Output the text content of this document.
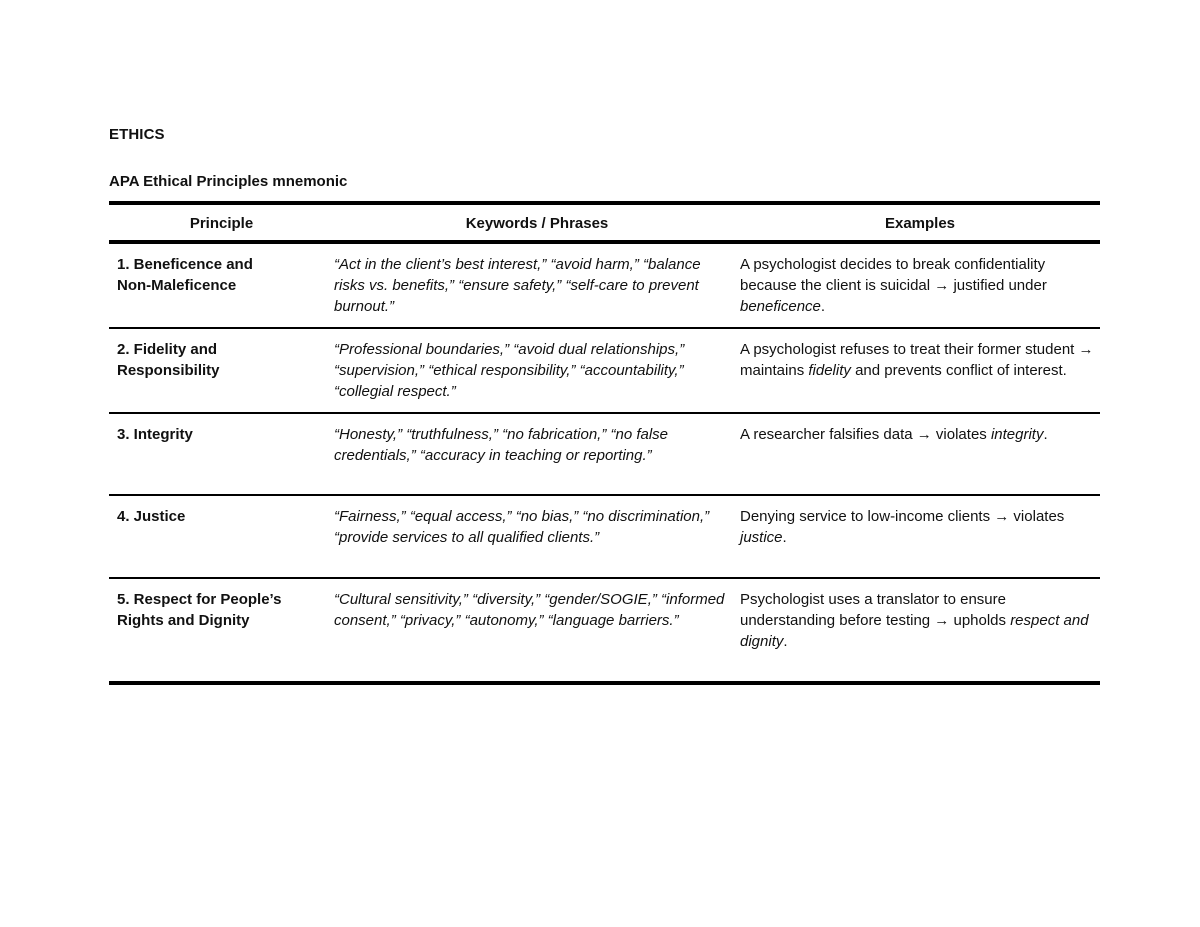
ETHICS
APA Ethical Principles mnemonic
Principle	Keywords / Phrases	Examples
1. Beneficence and
Non-Maleficence	“Act in the client’s best interest,” “avoid harm,” “balance risks vs. benefits,” “ensure safety,” “self-care to prevent burnout.”	A psychologist decides to break confidentiality because the client is suicidal → justified under beneficence.
2. Fidelity and
Responsibility	“Professional boundaries,” “avoid dual relationships,” “supervision,” “ethical responsibility,” “accountability,” “collegial respect.”	A psychologist refuses to treat their former student → maintains fidelity and prevents conflict of interest.
3. Integrity	“Honesty,” “truthfulness,” “no fabrication,” “no false credentials,” “accuracy in teaching or reporting.”	A researcher falsifies data → violates integrity.
4. Justice	“Fairness,” “equal access,” “no bias,” “no discrimination,” “provide services to all qualified clients.”	Denying service to low-income clients → violates justice.
5. Respect for People’s
Rights and Dignity	“Cultural sensitivity,” “diversity,” “gender/SOGIE,” “informed consent,” “privacy,” “autonomy,” “language barriers.”	Psychologist uses a translator to ensure understanding before testing → upholds respect and dignity.
